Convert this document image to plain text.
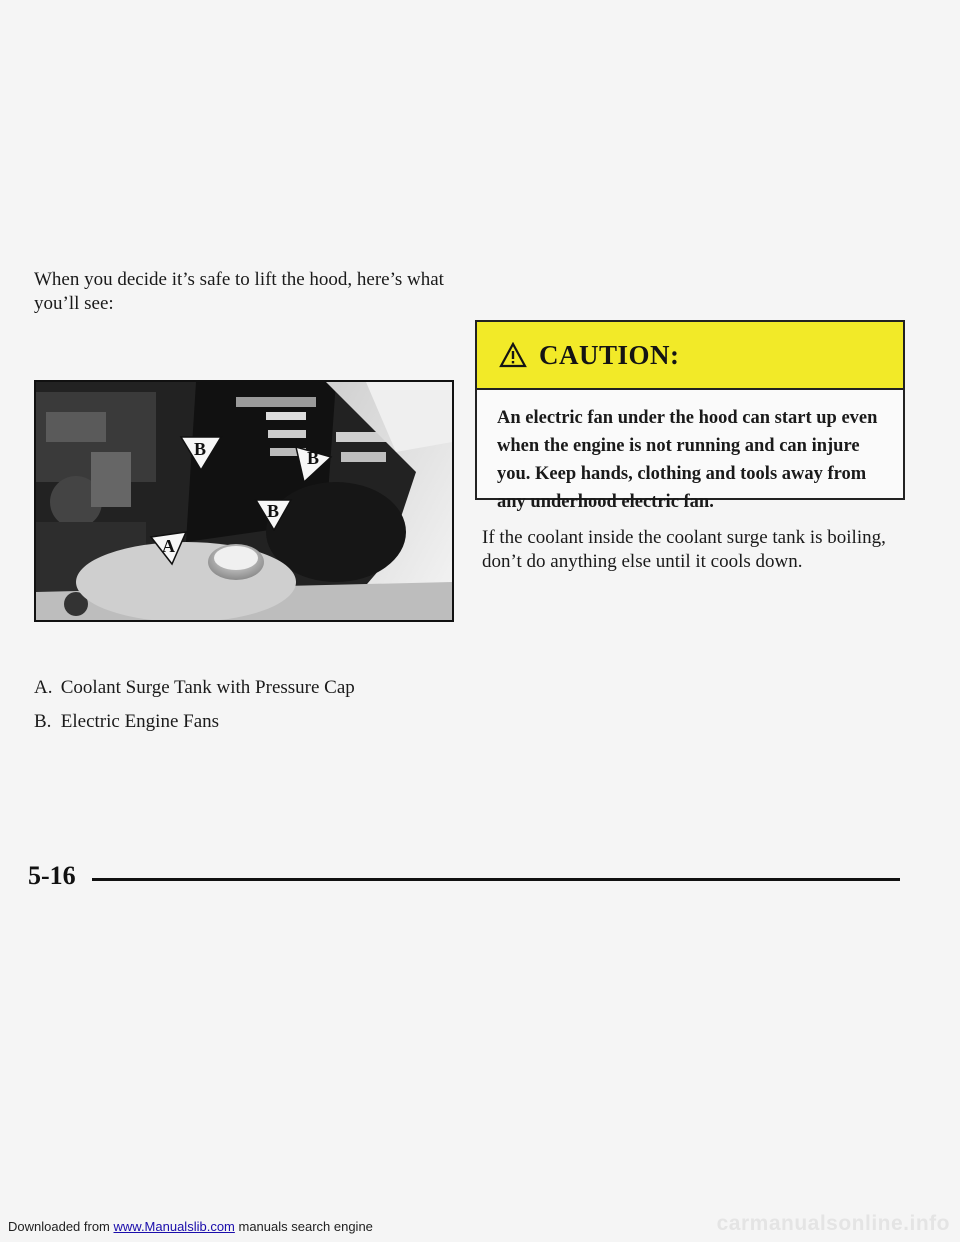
When you decide it’s safe to lift the hood, here’s what you’ll see:

B	B
B
A
A. Coolant Surge Tank with Pressure Cap
B. Electric Engine Fans
CAUTION:

An electric fan under the hood can start up even when the engine is not running and can injure you. Keep hands, clothing and tools away from any underhood electric fan.

If the coolant inside the coolant surge tank is boiling, don’t do anything else until it cools down.

5-16
Downloaded from www.Manualslib.com manuals search engine	carmanualsonline.info
